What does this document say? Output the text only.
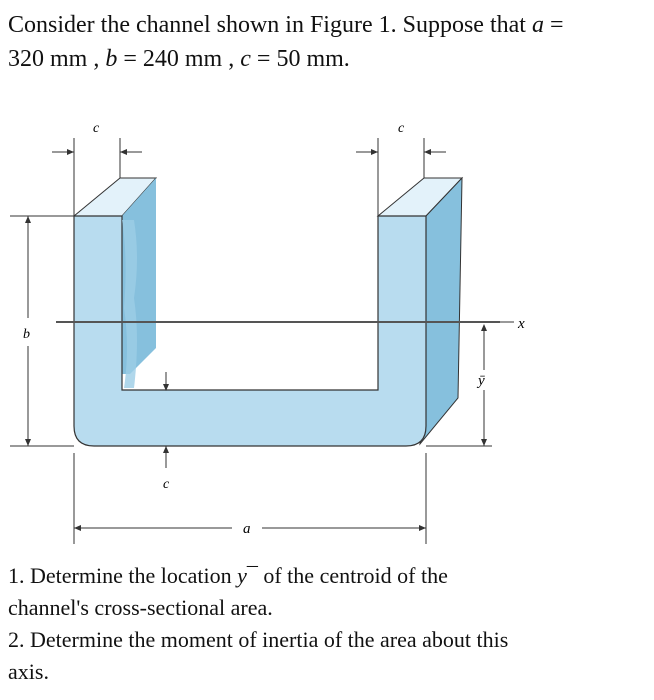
Consider the channel shown in Figure 1. Suppose that a =
320 mm , b = 240 mm , c = 50 mm.
c	c
b
x
ȳ
c
a
1. Determine the location y¯ of the centroid of the
channel's cross-sectional area.
2. Determine the moment of inertia of the area about this
axis.
